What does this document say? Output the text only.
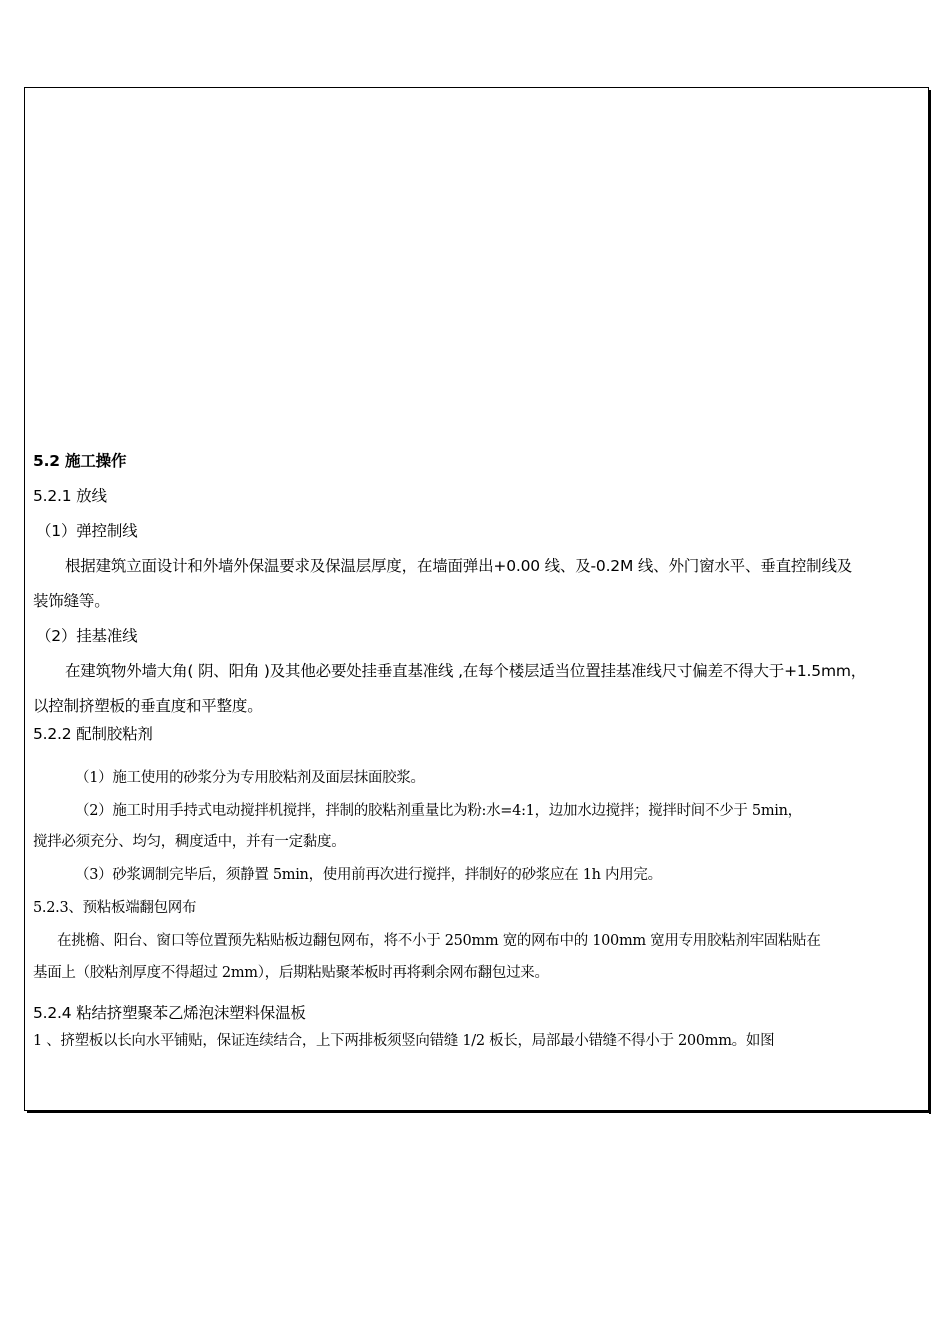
5.2 施工操作
5.2.1 放线
（1）弹控制线
根据建筑立面设计和外墙外保温要求及保温层厚度，在墙面弹出+0.00 线、及-0.2M 线、外门窗水平、垂直控制线及
装饰缝等。
（2）挂基准线
在建筑物外墙大角( 阴、阳角 )及其他必要处挂垂直基准线 ,在每个楼层适当位置挂基准线尺寸偏差不得大于+1.5mm，
以控制挤塑板的垂直度和平整度。
5.2.2 配制胶粘剂
（1）施工使用的砂浆分为专用胶粘剂及面层抹面胶浆。
（2）施工时用手持式电动搅拌机搅拌，拌制的胶粘剂重量比为粉:水=4:1，边加水边搅拌；搅拌时间不少于 5min，
搅拌必须充分、均匀，稠度适中，并有一定黏度。
（3）砂浆调制完毕后，须静置 5min，使用前再次进行搅拌，拌制好的砂浆应在 1h 内用完。
5.2.3、预粘板端翻包网布
在挑檐、阳台、窗口等位置预先粘贴板边翻包网布，将不小于 250mm 宽的网布中的 100mm 宽用专用胶粘剂牢固粘贴在
基面上（胶粘剂厚度不得超过 2mm），后期粘贴聚苯板时再将剩余网布翻包过来。
5.2.4 粘结挤塑聚苯乙烯泡沫塑料保温板
1 、挤塑板以长向水平铺贴，保证连续结合，上下两排板须竖向错缝 1/2 板长，局部最小错缝不得小于 200mm。如图
